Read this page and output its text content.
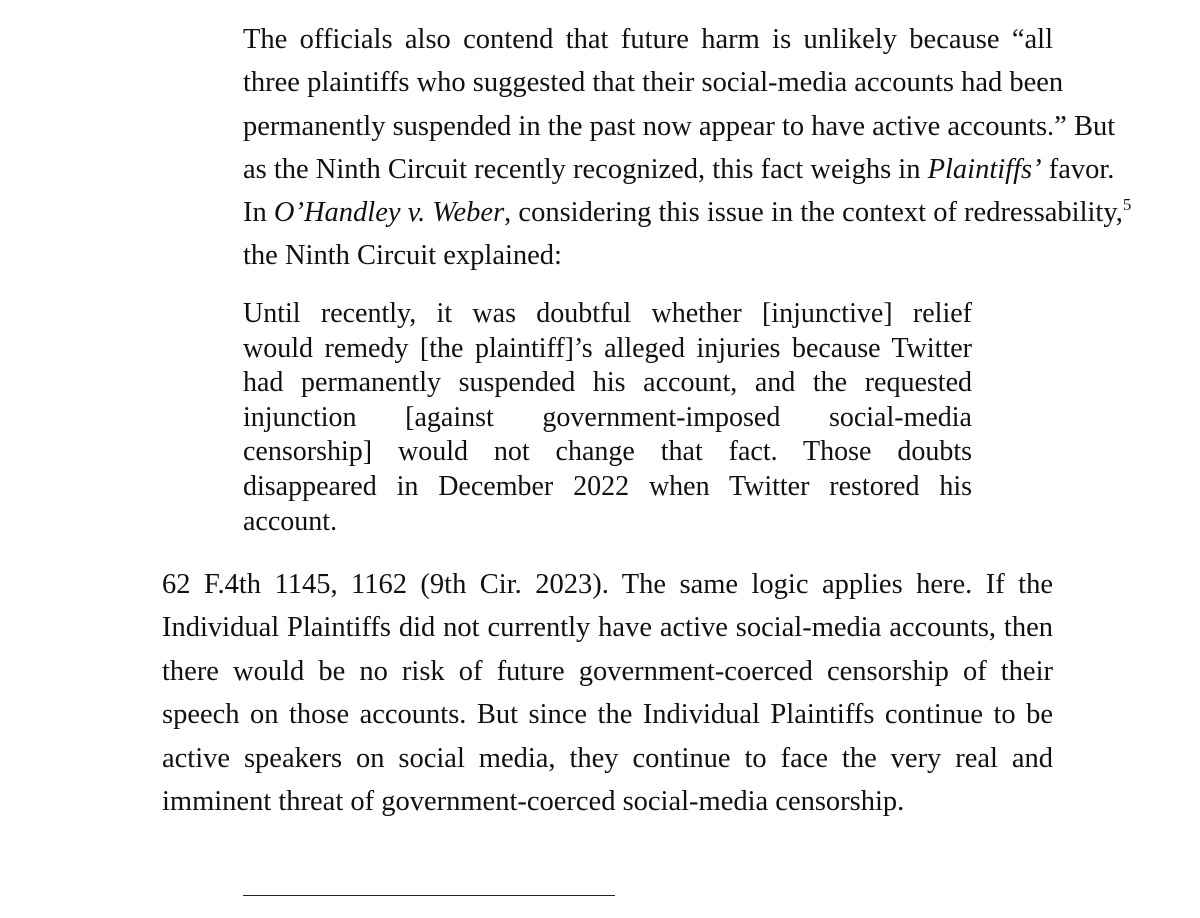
The officials also contend that future harm is unlikely because “all
three plaintiffs who suggested that their social-media accounts had been
permanently suspended in the past now appear to have active accounts.” But
as the Ninth Circuit recently recognized, this fact weighs in Plaintiffs’ favor.
In O’Handley v. Weber, considering this issue in the context of redressability,$^5$
the Ninth Circuit explained:

Until recently, it was doubtful whether [injunctive] relief
would remedy [the plaintiff]’s alleged injuries because Twitter
had permanently suspended his account, and the requested
injunction [against government-imposed social-media
censorship] would not change that fact. Those doubts
disappeared in December 2022 when Twitter restored his
account.

62 F.4th 1145, 1162 (9th Cir. 2023). The same logic applies here. If the
Individual Plaintiffs did not currently have active social-media accounts, then
there would be no risk of future government-coerced censorship of their
speech on those accounts. But since the Individual Plaintiffs continue to be
active speakers on social media, they continue to face the very real and
imminent threat of government-coerced social-media censorship.
